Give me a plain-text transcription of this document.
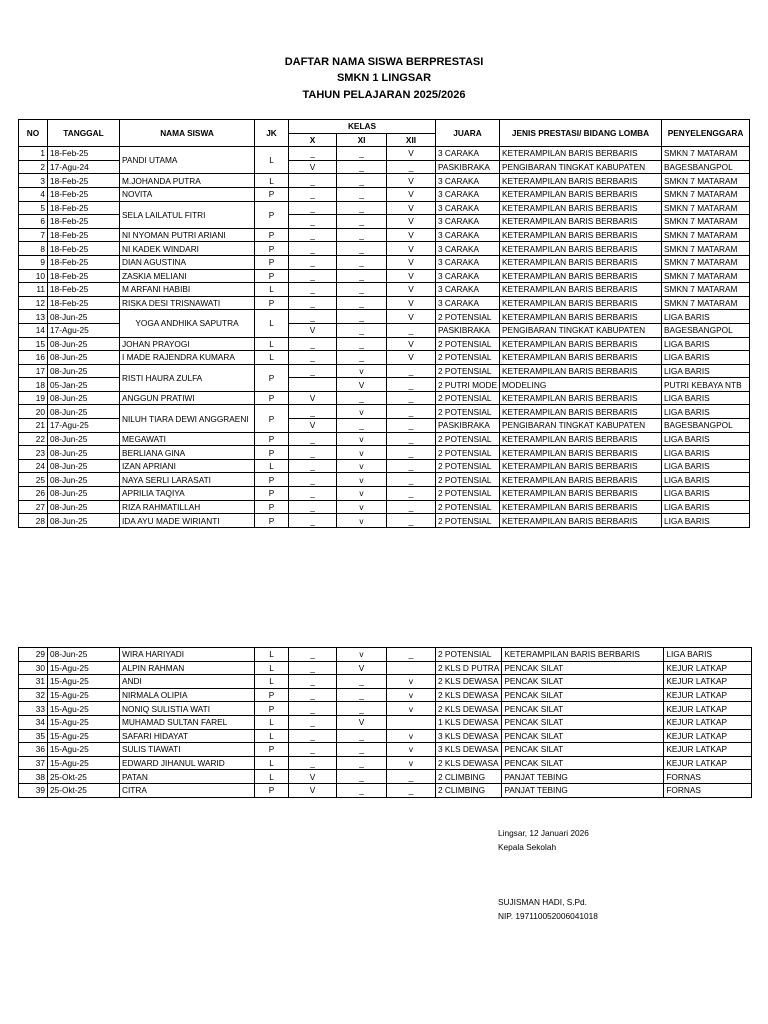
DAFTAR NAMA SISWA BERPRESTASI
SMKN 1 LINGSAR
TAHUN PELAJARAN 2025/2026
NO	TANGGAL	NAMA SISWA	JK	KELAS			JUARA	JENIS PRESTASI/ BIDANG LOMBA	PENYELENGGARA
				X	XI	XII			
1	18-Feb-25	PANDI UTAMA	L	_	_	V	3 CARAKA	KETERAMPILAN BARIS BERBARIS	SMKN 7 MATARAM
2	17-Agu-24			V	_	_	PASKIBRAKA	PENGIBARAN TINGKAT KABUPATEN	BAGESBANGPOL
3	18-Feb-25	M.JOHANDA PUTRA	L	_	_	V	3 CARAKA	KETERAMPILAN BARIS BERBARIS	SMKN 7 MATARAM
4	18-Feb-25	NOVITA	P	_	_	V	3 CARAKA	KETERAMPILAN BARIS BERBARIS	SMKN 7 MATARAM
5	18-Feb-25	SELA LAILATUL FITRI	P	_	_	V	3 CARAKA	KETERAMPILAN BARIS BERBARIS	SMKN 7 MATARAM
6	18-Feb-25			_	_	V	3 CARAKA	KETERAMPILAN BARIS BERBARIS	SMKN 7 MATARAM
7	18-Feb-25	NI NYOMAN PUTRI ARIANI	P	_	_	V	3 CARAKA	KETERAMPILAN BARIS BERBARIS	SMKN 7 MATARAM
8	18-Feb-25	NI KADEK WINDARI	P	_	_	V	3 CARAKA	KETERAMPILAN BARIS BERBARIS	SMKN 7 MATARAM
9	18-Feb-25	DIAN AGUSTINA	P	_	_	V	3 CARAKA	KETERAMPILAN BARIS BERBARIS	SMKN 7 MATARAM
10	18-Feb-25	ZASKIA MELIANI	P	_	_	V	3 CARAKA	KETERAMPILAN BARIS BERBARIS	SMKN 7 MATARAM
11	18-Feb-25	M ARFANI HABIBI	L	_	_	V	3 CARAKA	KETERAMPILAN BARIS BERBARIS	SMKN 7 MATARAM
12	18-Feb-25	RISKA DESI TRISNAWATI	P	_	_	V	3 CARAKA	KETERAMPILAN BARIS BERBARIS	SMKN 7 MATARAM
13	08-Jun-25	YOGA ANDHIKA SAPUTRA	L	_	_	V	2 POTENSIAL	KETERAMPILAN BARIS BERBARIS	LIGA BARIS
14	17-Agu-25			V	_	_	PASKIBRAKA	PENGIBARAN TINGKAT KABUPATEN	BAGESBANGPOL
15	08-Jun-25	JOHAN PRAYOGI	L	_	_	V	2 POTENSIAL	KETERAMPILAN BARIS BERBARIS	LIGA BARIS
16	08-Jun-25	I MADE RAJENDRA KUMARA	L	_	_	V	2 POTENSIAL	KETERAMPILAN BARIS BERBARIS	LIGA BARIS
17	08-Jun-25	RISTI HAURA ZULFA	P	_	v	_	2 POTENSIAL	KETERAMPILAN BARIS BERBARIS	LIGA BARIS
18	05-Jan-25				V	_	2 PUTRI MODE	MODELING	PUTRI KEBAYA NTB
19	08-Jun-25	ANGGUN PRATIWI	P	V	_	_	2 POTENSIAL	KETERAMPILAN BARIS BERBARIS	LIGA BARIS
20	08-Jun-25	NILUH TIARA DEWI ANGGRAENI	P	_	v	_	2 POTENSIAL	KETERAMPILAN BARIS BERBARIS	LIGA BARIS
21	17-Agu-25			V	_	_	PASKIBRAKA	PENGIBARAN TINGKAT KABUPATEN	BAGESBANGPOL
22	08-Jun-25	MEGAWATI	P	_	v	_	2 POTENSIAL	KETERAMPILAN BARIS BERBARIS	LIGA BARIS
23	08-Jun-25	BERLIANA GINA	P	_	v	_	2 POTENSIAL	KETERAMPILAN BARIS BERBARIS	LIGA BARIS
24	08-Jun-25	IZAN APRIANI	L	_	v	_	2 POTENSIAL	KETERAMPILAN BARIS BERBARIS	LIGA BARIS
25	08-Jun-25	NAYA SERLI LARASATI	P	_	v	_	2 POTENSIAL	KETERAMPILAN BARIS BERBARIS	LIGA BARIS
26	08-Jun-25	APRILIA TAQIYA	P	_	v	_	2 POTENSIAL	KETERAMPILAN BARIS BERBARIS	LIGA BARIS
27	08-Jun-25	RIZA RAHMATILLAH	P	_	v	_	2 POTENSIAL	KETERAMPILAN BARIS BERBARIS	LIGA BARIS
28	08-Jun-25	IDA AYU MADE WIRIANTI	P	_	v	_	2 POTENSIAL	KETERAMPILAN BARIS BERBARIS	LIGA BARIS
29	08-Jun-25	WIRA HARIYADI	L	_	v	_	2 POTENSIAL	KETERAMPILAN BARIS BERBARIS	LIGA BARIS
30	15-Agu-25	ALPIN RAHMAN	L	_	V		2 KLS D PUTRA	PENCAK SILAT	KEJUR LATKAP
31	15-Agu-25	ANDI	L	_	_	v	2 KLS DEWASA	PENCAK SILAT	KEJUR LATKAP
32	15-Agu-25	NIRMALA OLIPIA	P	_	_	v	2 KLS DEWASA	PENCAK SILAT	KEJUR LATKAP
33	15-Agu-25	NONIQ SULISTIA WATI	P	_	_	v	2 KLS DEWASA	PENCAK SILAT	KEJUR LATKAP
34	15-Agu-25	MUHAMAD SULTAN FAREL	L	_	V		1 KLS DEWASA	PENCAK SILAT	KEJUR LATKAP
35	15-Agu-25	SAFARI HIDAYAT	L	_	_	v	3 KLS DEWASA	PENCAK SILAT	KEJUR LATKAP
36	15-Agu-25	SULIS TIAWATI	P	_	_	v	3 KLS DEWASA	PENCAK SILAT	KEJUR LATKAP
37	15-Agu-25	EDWARD JIHANUL WARID	L	_	_	v	2 KLS DEWASA	PENCAK SILAT	KEJUR LATKAP
38	25-Okt-25	PATAN	L	V	_	_	2 CLIMBING	PANJAT TEBING	FORNAS
39	25-Okt-25	CITRA	P	V	_	_	2 CLIMBING	PANJAT TEBING	FORNAS
Lingsar, 12 Januari 2026
Kepala Sekolah
SUJISMAN HADI, S.Pd.
NIP. 197110052006041018
